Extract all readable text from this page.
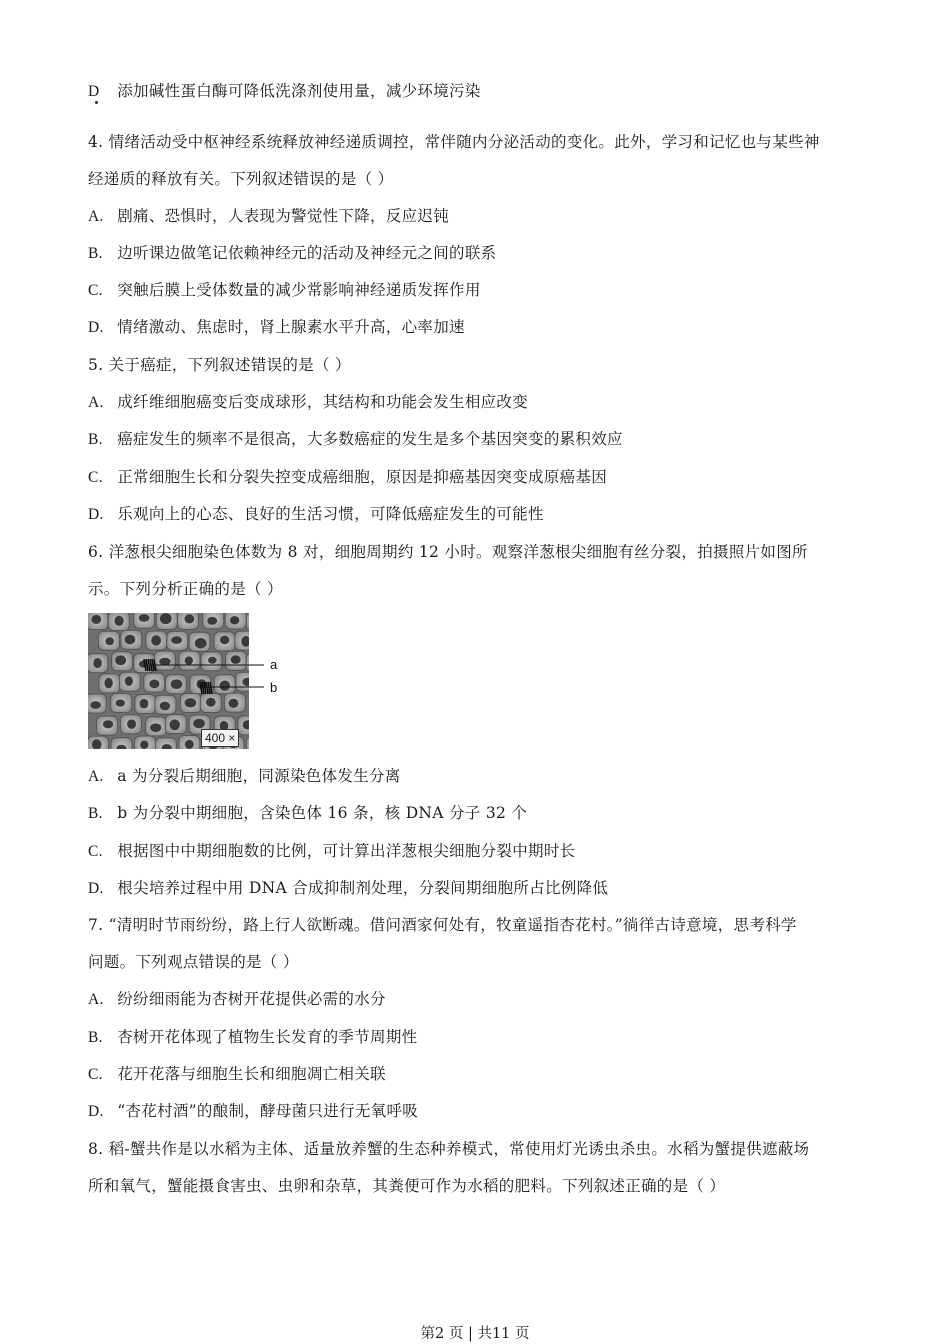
D 添加碱性蛋白酶可降低洗涤剂使用量，减少环境污染
4. 情绪活动受中枢神经系统释放神经递质调控，常伴随内分泌活动的变化。此外，学习和记忆也与某些神
经递质的释放有关。下列叙述错误的是（ ）
A. 剧痛、恐惧时，人表现为警觉性下降，反应迟钝
B. 边听课边做笔记依赖神经元的活动及神经元之间的联系
C. 突触后膜上受体数量的减少常影响神经递质发挥作用
D. 情绪激动、焦虑时，肾上腺素水平升高，心率加速
5. 关于癌症，下列叙述错误的是（ ）
A. 成纤维细胞癌变后变成球形，其结构和功能会发生相应改变
B. 癌症发生的频率不是很高，大多数癌症的发生是多个基因突变的累积效应
C. 正常细胞生长和分裂失控变成癌细胞，原因是抑癌基因突变成原癌基因
D. 乐观向上的心态、良好的生活习惯，可降低癌症发生的可能性
6. 洋葱根尖细胞染色体数为 8 对，细胞周期约 12 小时。观察洋葱根尖细胞有丝分裂，拍摄照片如图所
示。下列分析正确的是（ ）
400 ×
a
b
A. a 为分裂后期细胞，同源染色体发生分离
B. b 为分裂中期细胞，含染色体 16 条，核 DNA 分子 32 个
C. 根据图中中期细胞数的比例，可计算出洋葱根尖细胞分裂中期时长
D. 根尖培养过程中用 DNA 合成抑制剂处理，分裂间期细胞所占比例降低
7. “清明时节雨纷纷，路上行人欲断魂。借问酒家何处有，牧童遥指杏花村。”徜徉古诗意境，思考科学
问题。下列观点错误的是（ ）
A. 纷纷细雨能为杏树开花提供必需的水分
B. 杏树开花体现了植物生长发育的季节周期性
C. 花开花落与细胞生长和细胞凋亡相关联
D. “杏花村酒”的酿制，酵母菌只进行无氧呼吸
8. 稻-蟹共作是以水稻为主体、适量放养蟹的生态种养模式，常使用灯光诱虫杀虫。水稻为蟹提供遮蔽场
所和氧气，蟹能摄食害虫、虫卵和杂草，其粪便可作为水稻的肥料。下列叙述正确的是（ ）
第2 页 | 共11 页
